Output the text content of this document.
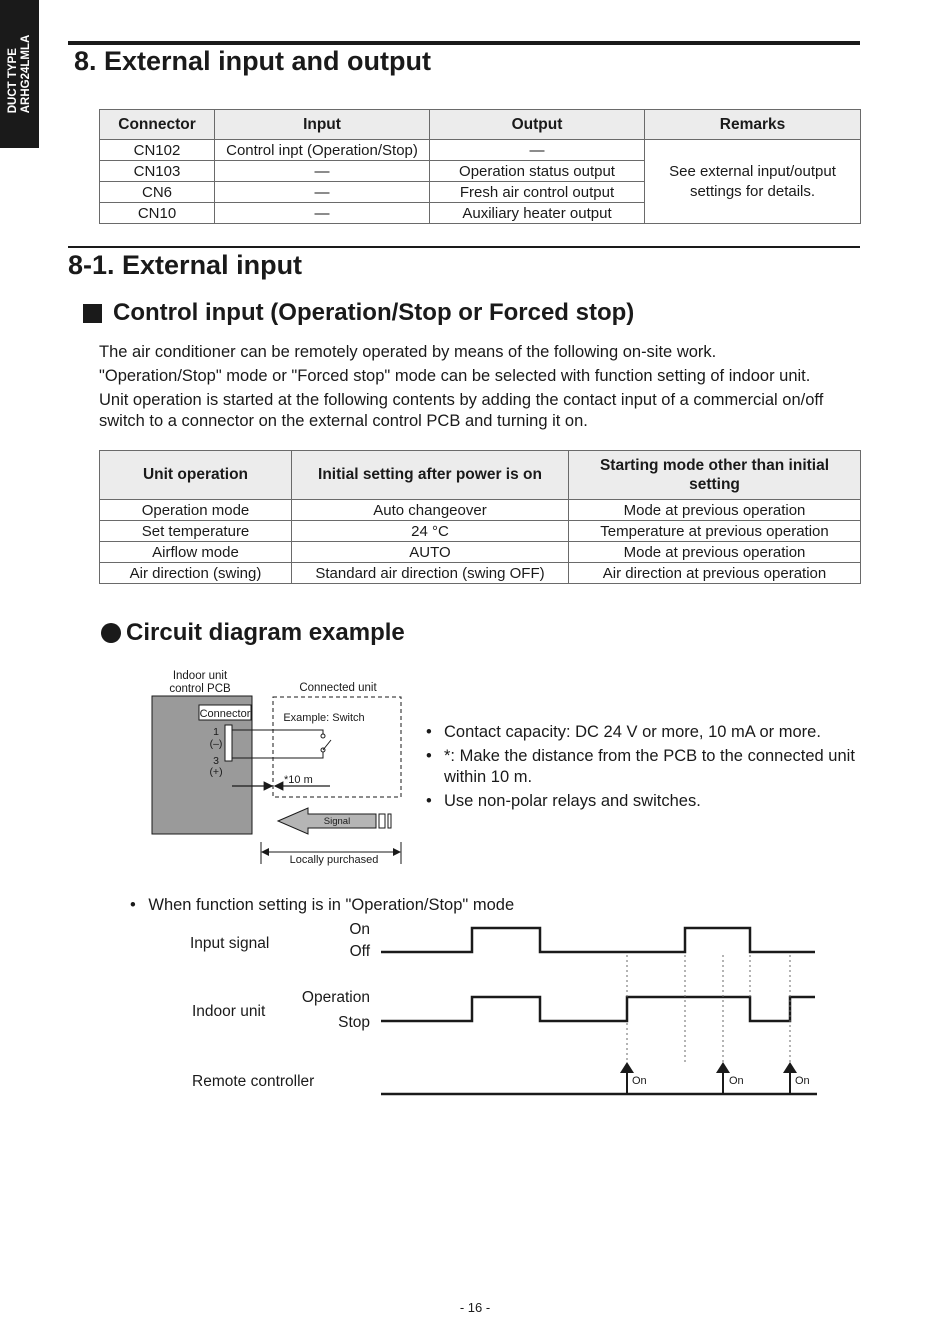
DUCT TYPE ARHG24LMLA 8. External input and output
Connector	Input	Output	Remarks
CN102	Control inpt (Operation/Stop)	—	See external input/output
settings for details.

CN103	—	Operation status output	
CN6	—	Fresh air control output	
CN10	—	Auxiliary heater output	
8-1. External input
Control input (Operation/Stop or Forced stop)

The air conditioner can be remotely operated by means of the following on-site work.

"Operation/Stop" mode or "Forced stop" mode can be selected with function setting of indoor unit.

Unit operation is started at the following contents by adding the contact input of a commercial on/off switch to a connector on the external control PCB and turning it on.

Unit operation	Initial setting after power is on	Starting mode other than initial setting
Operation mode	Auto changeover	Mode at previous operation
Set temperature	24 °C	Temperature at previous operation
Airflow mode	AUTO	Mode at previous operation
Air direction (swing)	Standard air direction (swing OFF)	Air direction at previous operation
Circuit diagram example
Indoor unit
control PCB	Connected unit
Connector
1
(–)
3
(+)
Example: Switch
*10 m
Signal
Locally purchased
• Contact capacity: DC 24 V or more, 10 mA or more.
• *: Make the distance from the PCB to the connected unit within 10 m.
• Use non-polar relays and switches.
• When function setting is in "Operation/Stop" mode
Input signal
On
Off
Indoor unit
Operation
Stop
Remote controller	On	On	On
- 16 -
